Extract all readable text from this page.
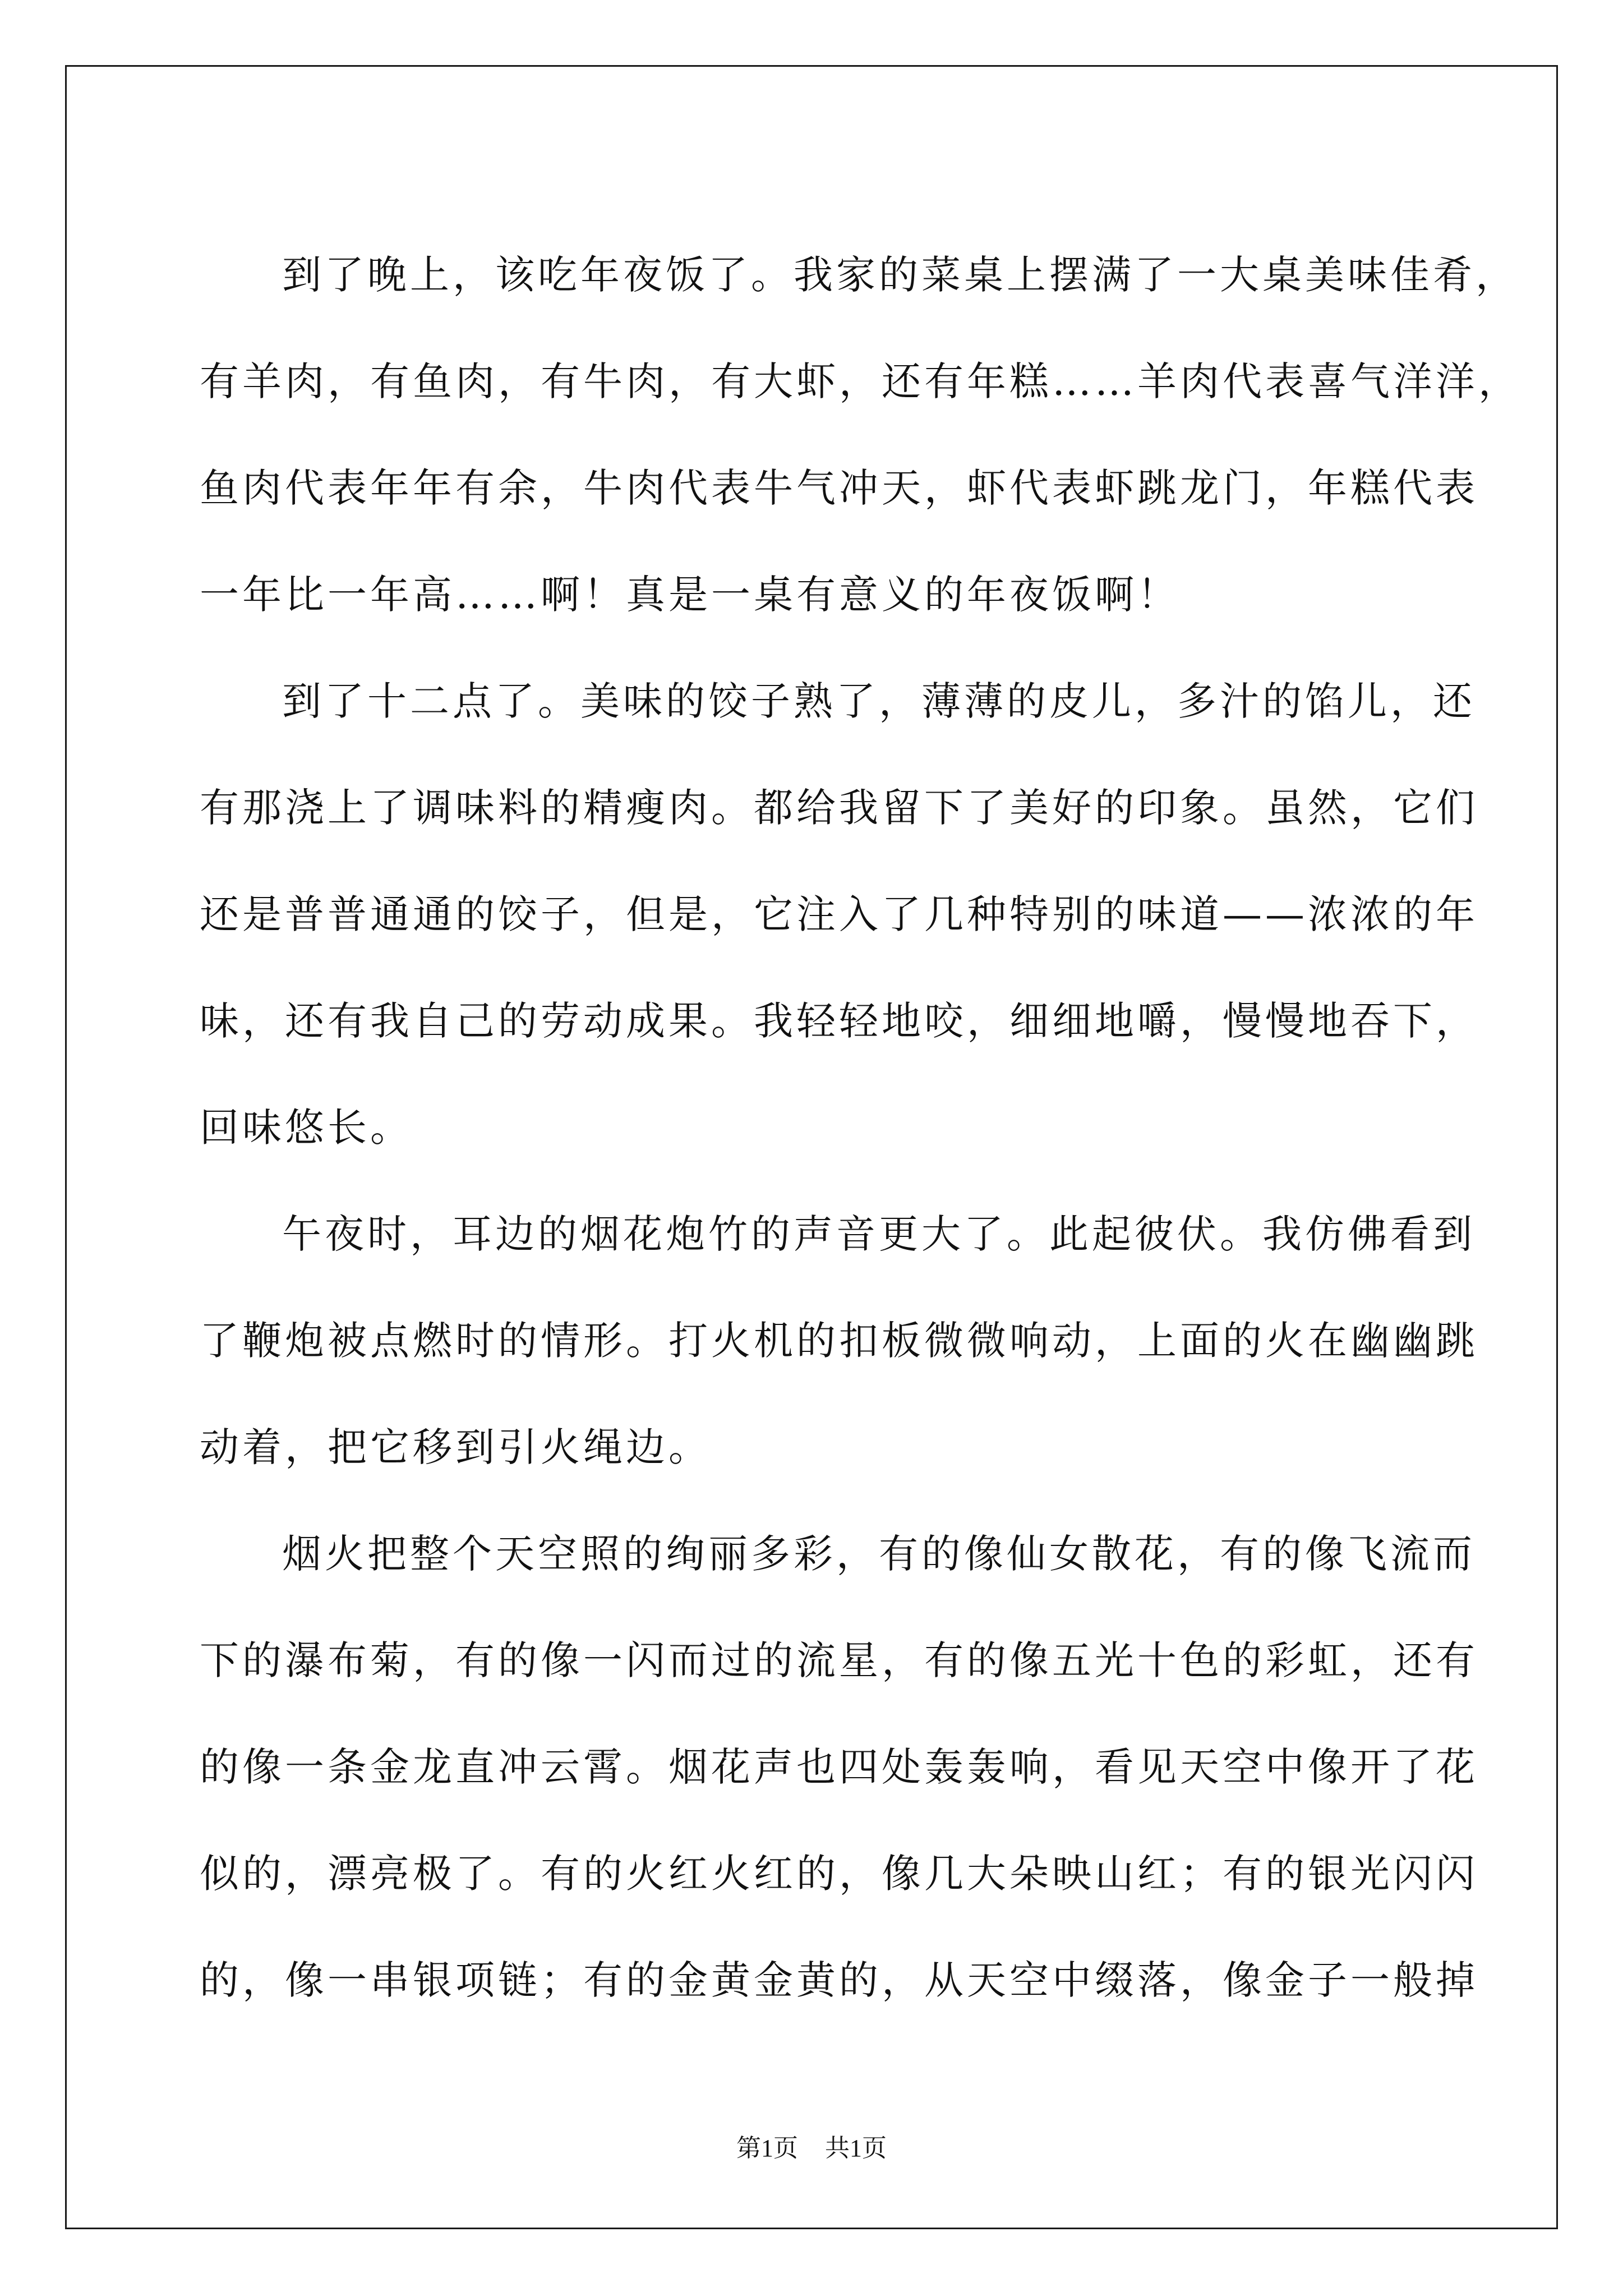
到了晚上，该吃年夜饭了。我家的菜桌上摆满了一大桌美味佳肴，
有羊肉，有鱼肉，有牛肉，有大虾，还有年糕……羊肉代表喜气洋洋，
鱼肉代表年年有余，牛肉代表牛气冲天，虾代表虾跳龙门，年糕代表
一年比一年高……啊！真是一桌有意义的年夜饭啊！
到了十二点了。美味的饺子熟了，薄薄的皮儿，多汁的馅儿，还
有那浇上了调味料的精瘦肉。都给我留下了美好的印象。虽然，它们
还是普普通通的饺子，但是，它注入了几种特别的味道——浓浓的年
味，还有我自己的劳动成果。我轻轻地咬，细细地嚼，慢慢地吞下，
回味悠长。
午夜时，耳边的烟花炮竹的声音更大了。此起彼伏。我仿佛看到
了鞭炮被点燃时的情形。打火机的扣板微微响动，上面的火在幽幽跳
动着，把它移到引火绳边。
烟火把整个天空照的绚丽多彩，有的像仙女散花，有的像飞流而
下的瀑布菊，有的像一闪而过的流星，有的像五光十色的彩虹，还有
的像一条金龙直冲云霄。烟花声也四处轰轰响，看见天空中像开了花
似的，漂亮极了。有的火红火红的，像几大朵映山红；有的银光闪闪
的，像一串银项链；有的金黄金黄的，从天空中缀落，像金子一般掉
第1页 共1页
